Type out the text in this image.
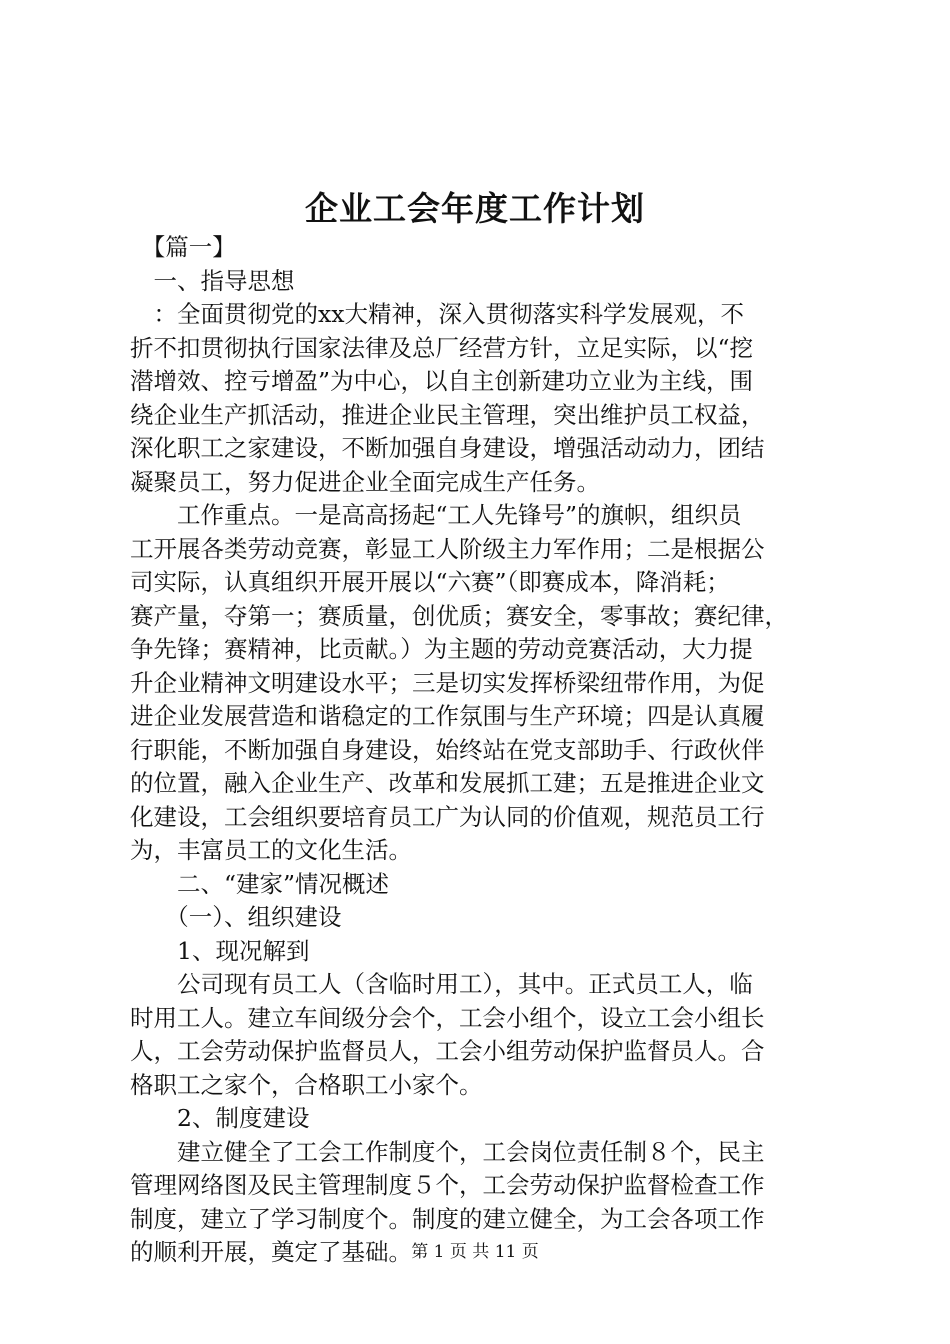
企业工会年度工作计划
　【篇一】
　一、指导思想
　：全面贯彻党的xx大精神，深入贯彻落实科学发展观，不
折不扣贯彻执行国家法律及总厂经营方针，立足实际，以“挖
潜增效、控亏增盈”为中心，以自主创新建功立业为主线，围
绕企业生产抓活动，推进企业民主管理，突出维护员工权益，
深化职工之家建设，不断加强自身建设，增强活动动力，团结
凝聚员工，努力促进企业全面完成生产任务。
　　工作重点。一是高高扬起“工人先锋号”的旗帜，组织员
工开展各类劳动竞赛，彰显工人阶级主力军作用；二是根据公
司实际，认真组织开展开展以“六赛”（即赛成本，降消耗；
赛产量，夺第一；赛质量，创优质；赛安全，零事故；赛纪律，
争先锋；赛精神，比贡献。）为主题的劳动竞赛活动，大力提
升企业精神文明建设水平；三是切实发挥桥梁纽带作用，为促
进企业发展营造和谐稳定的工作氛围与生产环境；四是认真履
行职能，不断加强自身建设，始终站在党支部助手、行政伙伴
的位置，融入企业生产、改革和发展抓工建；五是推进企业文
化建设，工会组织要培育员工广为认同的价值观，规范员工行
为，丰富员工的文化生活。
　　二、“建家”情况概述
　　（一）、组织建设
　　1、现况解到
　　公司现有员工人（含临时用工），其中。正式员工人，临
时用工人。建立车间级分会个，工会小组个，设立工会小组长
人，工会劳动保护监督员人，工会小组劳动保护监督员人。合
格职工之家个，合格职工小家个。
　　2、制度建设
　　建立健全了工会工作制度个，工会岗位责任制８个，民主
管理网络图及民主管理制度５个，工会劳动保护监督检查工作
制度，建立了学习制度个。制度的建立健全，为工会各项工作
的顺利开展，奠定了基础。 第 1 页 共 11 页
